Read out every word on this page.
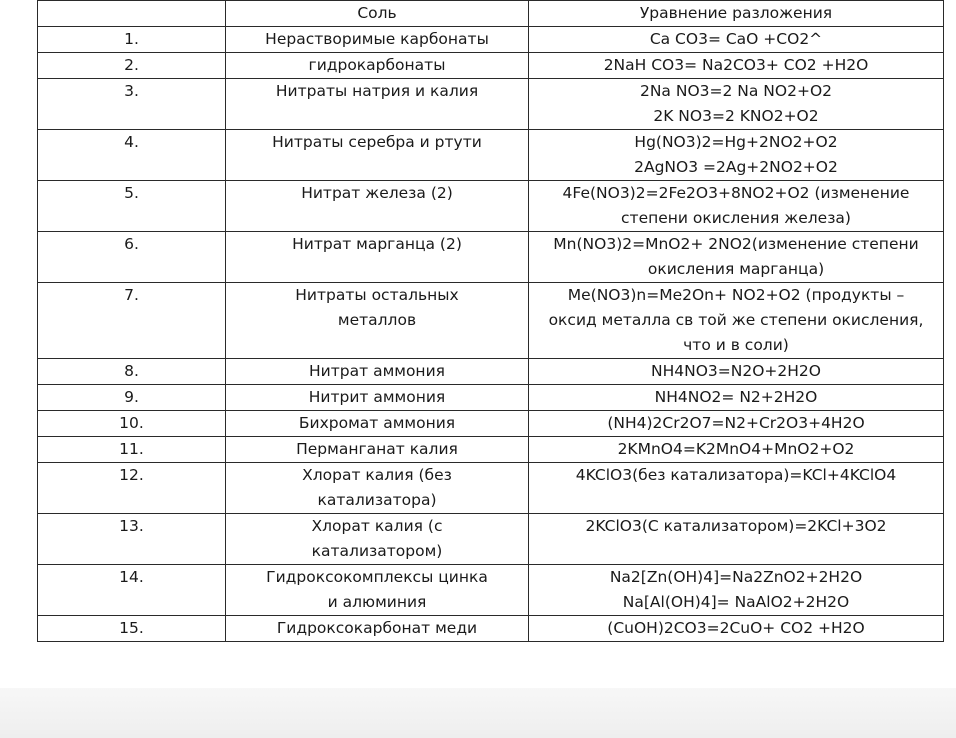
	Соль	Уравнение разложения
1.	Нерастворимые карбонаты	Ca CO3= CaO +CO2^

2.	гидрокарбонаты	2NaH CO3= Na2CO3+ CO2 +H2O

3.	Нитраты натрия и калия	2Na NO3=2 Na NO2+O2
2K NO3=2 KNO2+O2

4.	Нитраты серебра и ртути	Hg(NO3)2=Hg+2NO2+O2
2AgNO3 =2Ag+2NO2+O2

5.	Нитрат железа (2)	4Fe(NO3)2=2Fe2O3+8NO2+O2 (изменение
степени окисления железа)

6.	Нитрат марганца (2)	Mn(NO3)2=MnO2+ 2NO2(изменение степени
окисления марганца)

7.	Нитраты остальных
металлов	Me(NO3)n=Me2On+ NO2+O2 (продукты –
оксид металла св той же степени окисления,
что и в соли)

8.	Нитрат аммония	NH4NO3=N2O+2H2O

9.	Нитрит аммония	NH4NO2= N2+2H2O

10.	Бихромат аммония	(NH4)2Cr2O7=N2+Cr2O3+4H2O

11.	Перманганат калия	2KMnO4=K2MnO4+MnO2+O2

12.	Хлорат калия (без
катализатора)	4KClO3(без катализатора)=KCl+4KClO4

13.	Хлорат калия (с
катализатором)	2KClO3(С катализатором)=2KCl+3O2

14.	Гидроксокомплексы цинка
и алюминия	Na2[Zn(OH)4]=Na2ZnO2+2H2O
Na[Al(OH)4]= NaAlO2+2H2O

15.	Гидроксокарбонат меди	(CuOH)2CO3=2CuO+ CO2 +H2O
